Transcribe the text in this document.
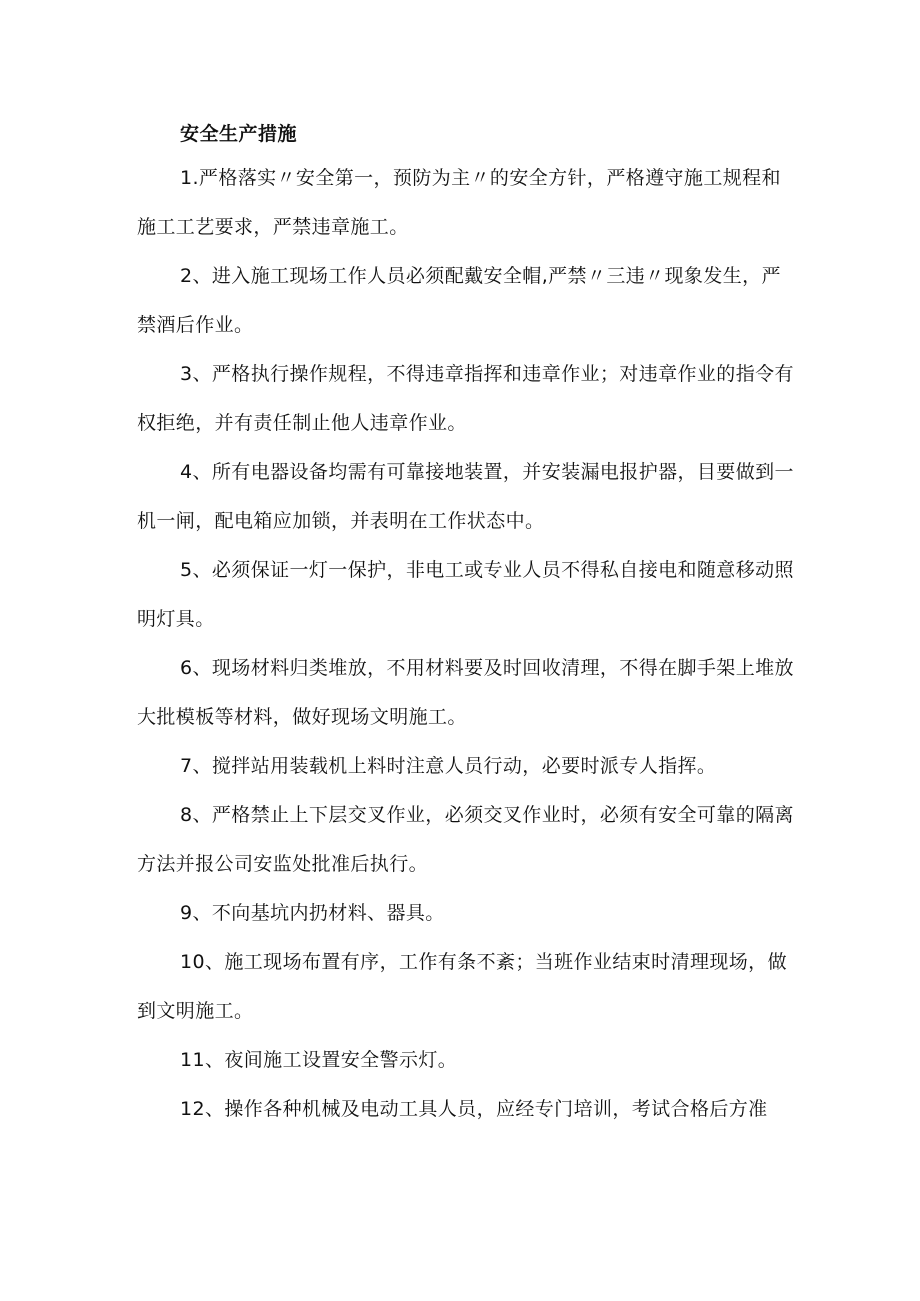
安全生产措施

1.严格落实〃安全第一，预防为主〃的安全方针，严格遵守施工规程和施工工艺要求，严禁违章施工。

2、进入施工现场工作人员必须配戴安全帽,严禁〃三违〃现象发生，严禁酒后作业。

3、严格执行操作规程，不得违章指挥和违章作业；对违章作业的指令有权拒绝，并有责任制止他人违章作业。

4、所有电器设备均需有可靠接地装置，并安装漏电报护器，目要做到一机一闸，配电箱应加锁，并表明在工作状态中。

5、必须保证一灯一保护，非电工或专业人员不得私自接电和随意移动照明灯具。

6、现场材料归类堆放，不用材料要及时回收清理，不得在脚手架上堆放大批模板等材料，做好现场文明施工。

7、搅拌站用装载机上料时注意人员行动，必要时派专人指挥。

8、严格禁止上下层交叉作业，必须交叉作业时，必须有安全可靠的隔离方法并报公司安监处批准后执行。

9、不向基坑内扔材料、器具。

10、施工现场布置有序，工作有条不紊；当班作业结束时清理现场，做到文明施工。

11、夜间施工设置安全警示灯。

12、操作各种机械及电动工具人员，应经专门培训，考试合格后方准
